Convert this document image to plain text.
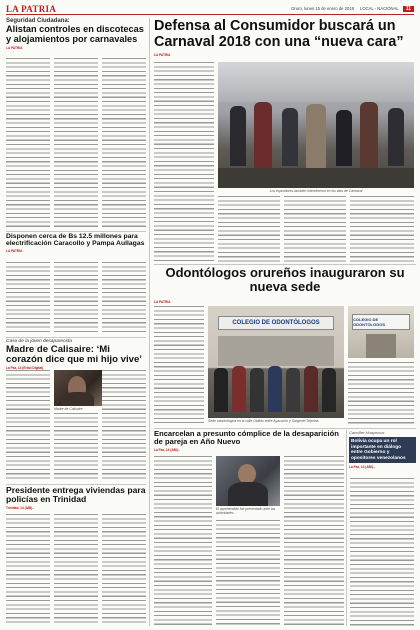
LA PATRIA	Oruro, lunes 15 de enero de 2018 LOCAL - NACIONAL	11
Seguridad Ciudadana:
Alistan controles en discotecas y alojamientos por carnavales
LA PATRIA
Disponen cerca de Bs 12.5 millones para electrificación Caracollo y Pampa Aullagas
LA PATRIA
Caso de la joven desaparecida
Madre de Calisaire: ‘Mi corazón dice que mi hijo vive’
La Paz, 14 (Erbol Digital).
Madre de Calisaire
Presidente entrega viviendas para policías en Trinidad
Trinidad, 14 (ABI).-
Defensa al Consumidor buscará un Carnaval 2018 con una “nueva cara”
LA PATRIA
Los expositores también intervinieron en los días de Carnaval
Odontólogos orureños inauguraron su nueva sede
LA PATRIA
COLEGIO DE ODONTÓLOGOS
Sede odontológica en la calle Oblitas entre Ayacucho y Sargento Tejerina
COLEGIO DE ODONTÓLOGOS
Encarcelan a presunto cómplice de la desaparición de pareja en Año Nuevo
La Paz, 14 (ABI).-
El aprehendido fue presentado ante las autoridades
Canciller Huaynoca:
Bolivia ocupa un rol importante en diálogo entre Gobierno y opositores venezolanos
La Paz, 14 (ABI).-
